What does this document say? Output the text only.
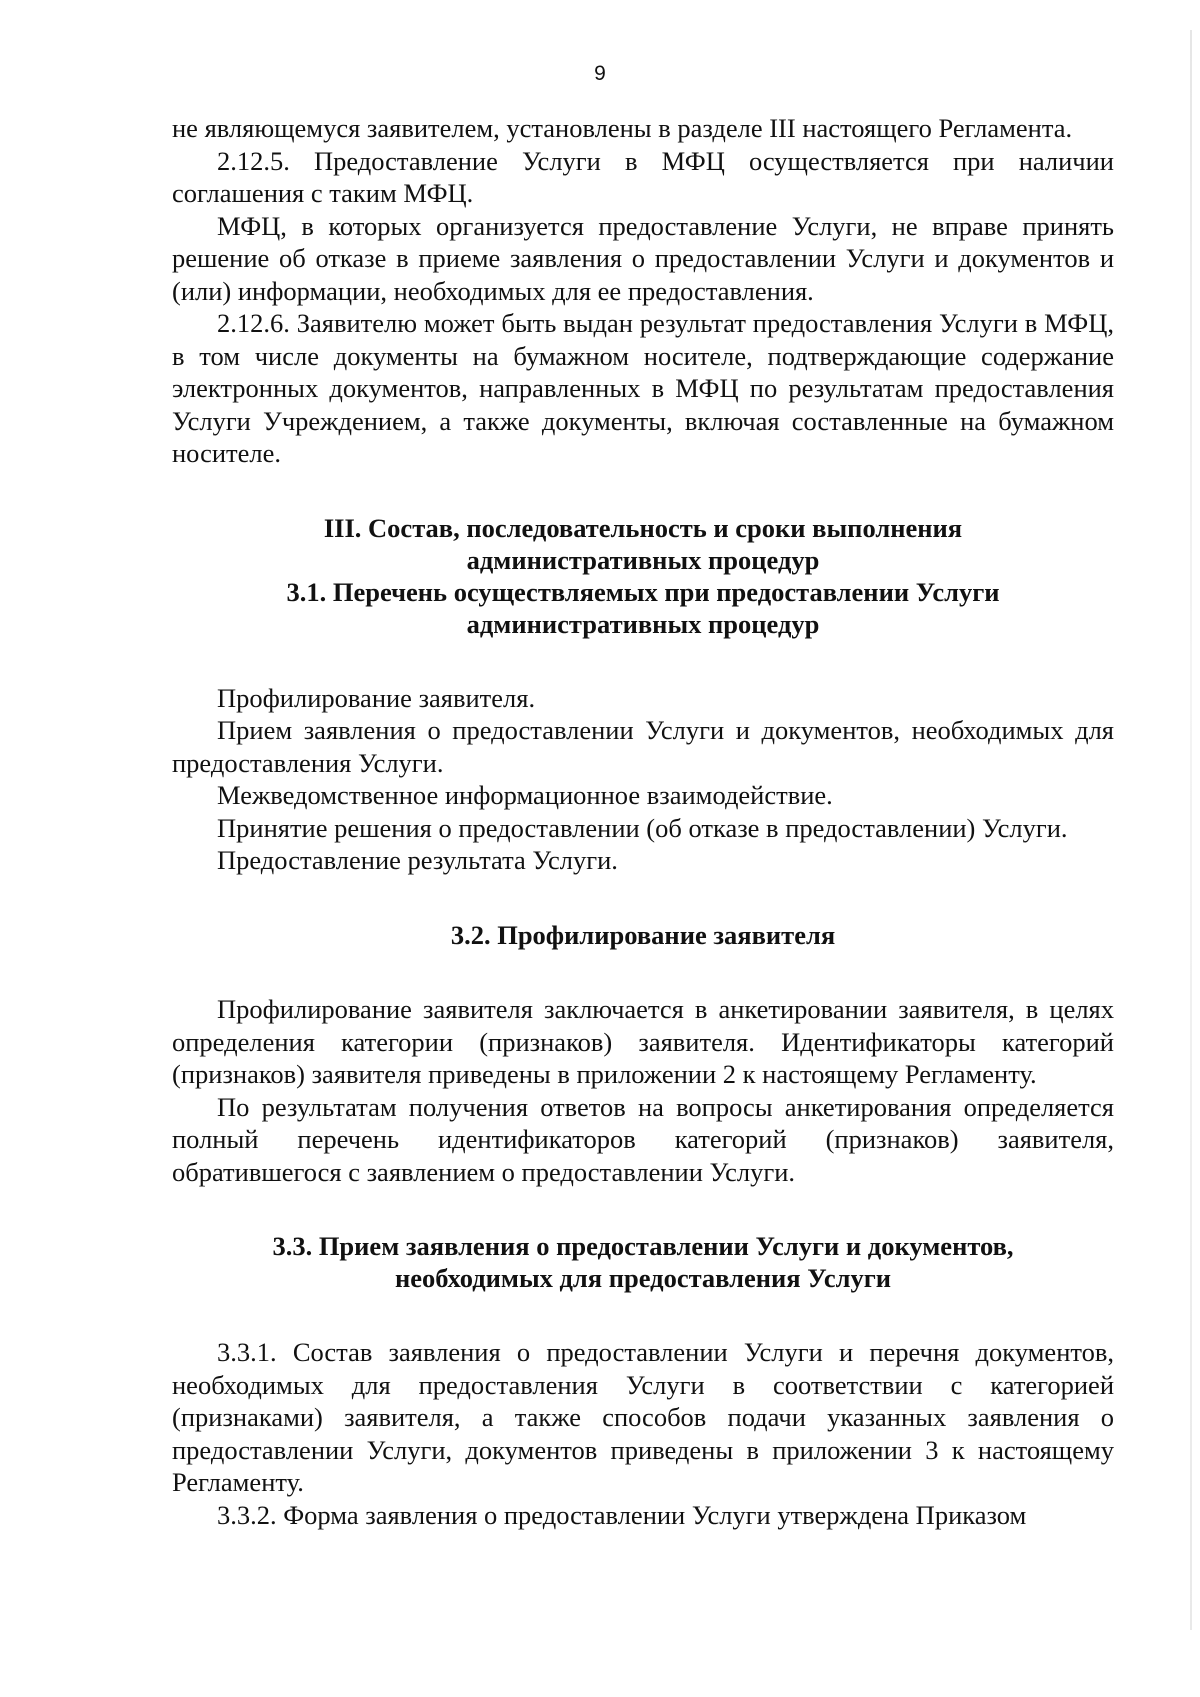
9

не являющемуся заявителем, установлены в разделе III настоящего Регламента.

2.12.5. Предоставление Услуги в МФЦ осуществляется при наличии соглашения с таким МФЦ.

МФЦ, в которых организуется предоставление Услуги, не вправе принять решение об отказе в приеме заявления о предоставлении Услуги и документов и (или) информации, необходимых для ее предоставления.

2.12.6. Заявителю может быть выдан результат предоставления Услуги в МФЦ, в том числе документы на бумажном носителе, подтверждающие содержание электронных документов, направленных в МФЦ по результатам предоставления Услуги Учреждением, а также документы, включая составленные на бумажном носителе.

III. Состав, последовательность и сроки выполнения
административных процедур
3.1. Перечень осуществляемых при предоставлении Услуги
административных процедур

Профилирование заявителя.

Прием заявления о предоставлении Услуги и документов, необходимых для предоставления Услуги.

Межведомственное информационное взаимодействие.

Принятие решения о предоставлении (об отказе в предоставлении) Услуги.

Предоставление результата Услуги.

3.2. Профилирование заявителя

Профилирование заявителя заключается в анкетировании заявителя, в целях определения категории (признаков) заявителя. Идентификаторы категорий (признаков) заявителя приведены в приложении 2 к настоящему Регламенту.

По результатам получения ответов на вопросы анкетирования определяется полный перечень идентификаторов категорий (признаков) заявителя, обратившегося с заявлением о предоставлении Услуги.

3.3. Прием заявления о предоставлении Услуги и документов,
необходимых для предоставления Услуги

3.3.1. Состав заявления о предоставлении Услуги и перечня документов, необходимых для предоставления Услуги в соответствии с категорией (признаками) заявителя, а также способов подачи указанных заявления о предоставлении Услуги, документов приведены в приложении 3 к настоящему Регламенту.

3.3.2. Форма заявления о предоставлении Услуги утверждена Приказом
